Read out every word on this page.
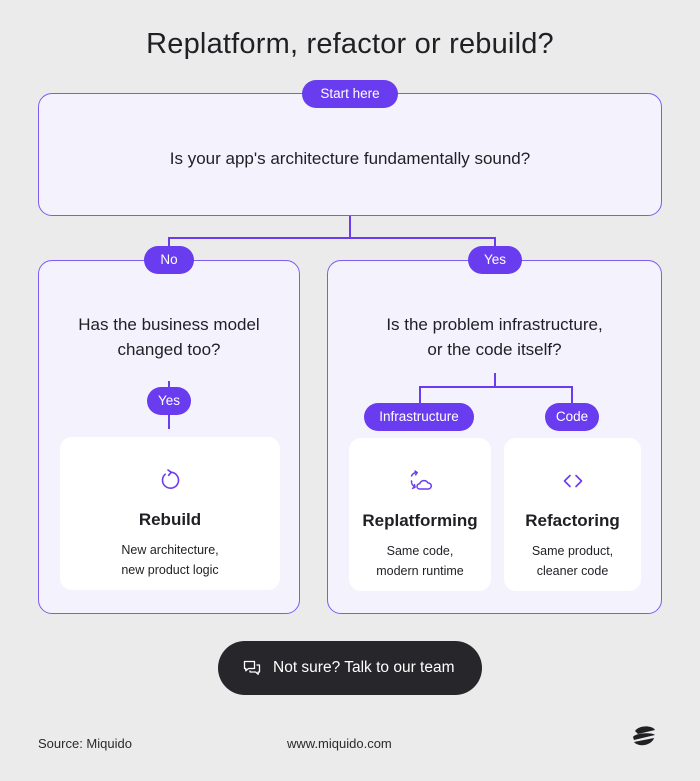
Replatform, refactor or rebuild?
Is your app's architecture fundamentally sound?
Start here
Has the business model
changed too?
Yes
Rebuild
New architecture,
new product logic
No
Is the problem infrastructure,
or the code itself?
Infrastructure	Code
Replatforming
Same code,
modern runtime
Refactoring
Same product,
cleaner code
Yes
Not sure? Talk to our team
Source: Miquido	www.miquido.com
